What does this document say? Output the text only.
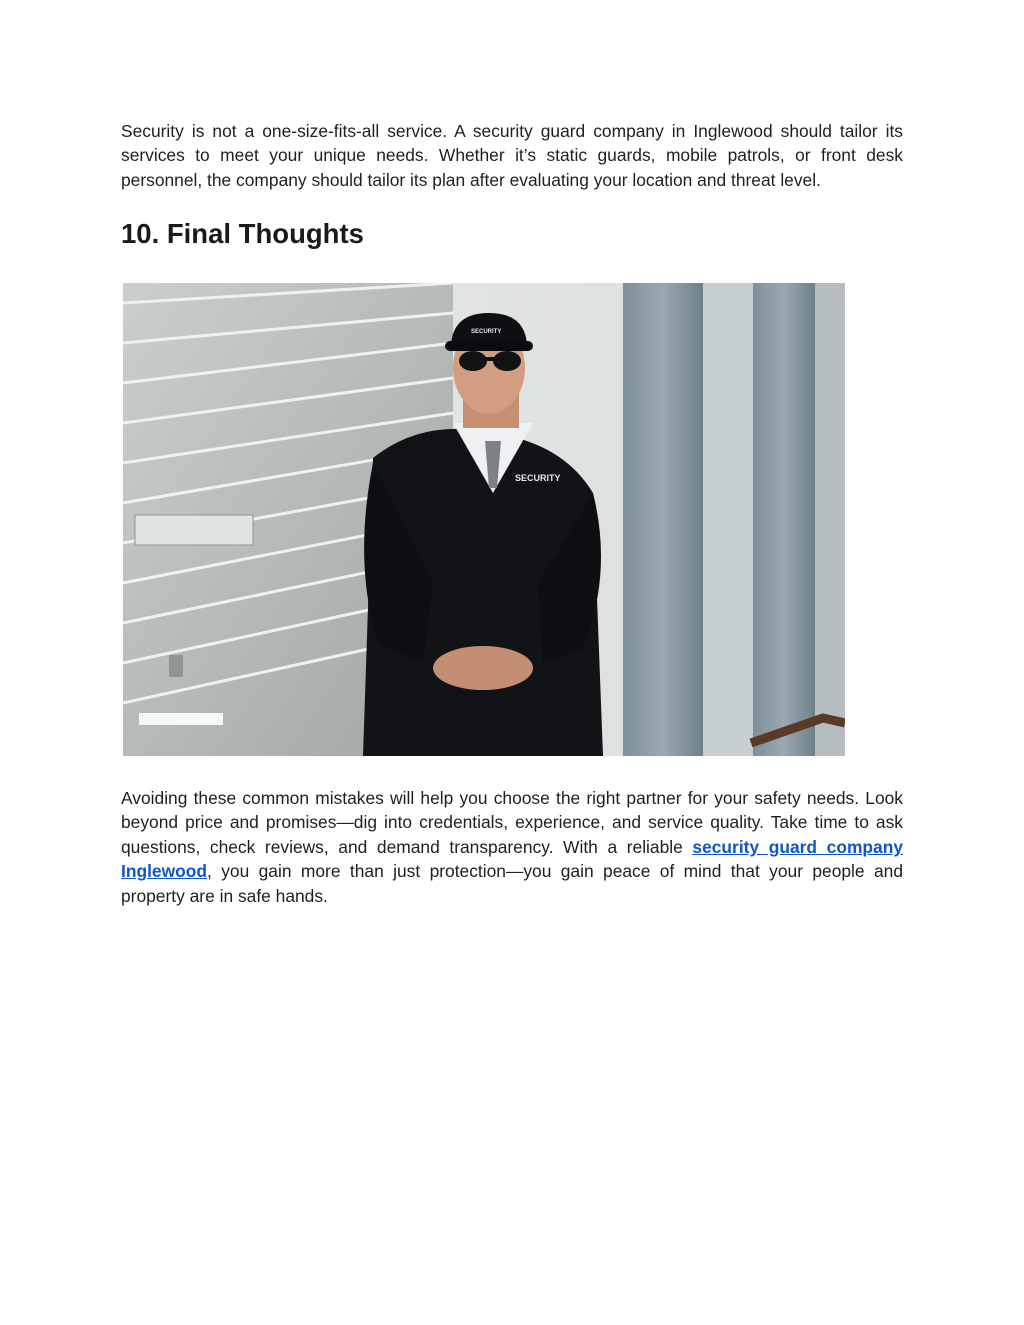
Security is not a one-size-fits-all service. A security guard company in Inglewood should tailor its services to meet your unique needs. Whether it’s static guards, mobile patrols, or front desk personnel, the company should tailor its plan after evaluating your location and threat level.

10. Final Thoughts
SECURITY
SECURITY

Avoiding these common mistakes will help you choose the right partner for your safety needs. Look beyond price and promises—dig into credentials, experience, and service quality. Take time to ask questions, check reviews, and demand transparency. With a reliable security guard company Inglewood, you gain more than just protection—you gain peace of mind that your people and property are in safe hands.
